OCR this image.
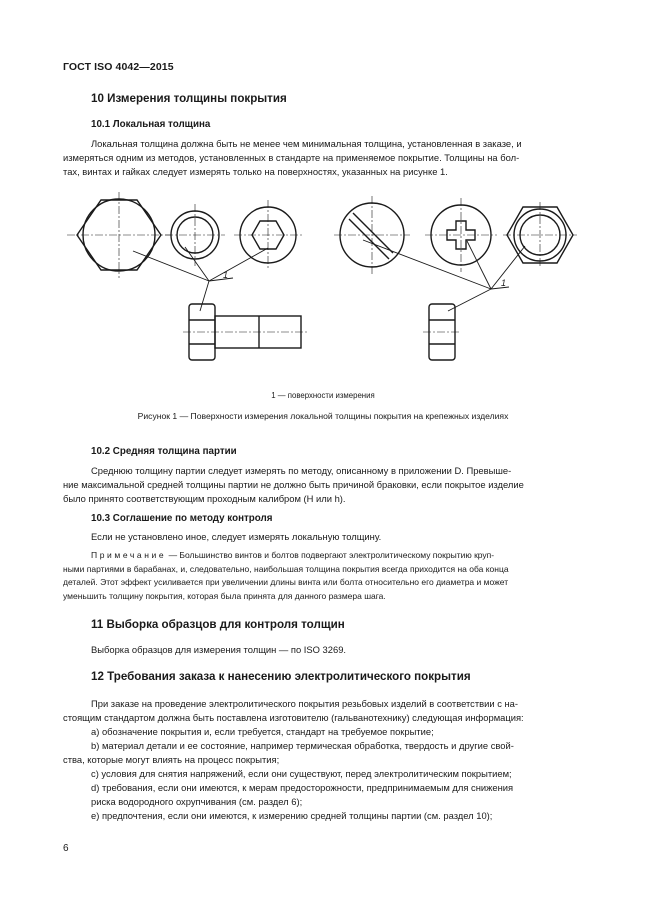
ГОСТ ISO 4042—2015
10 Измерения толщины покрытия
10.1 Локальная толщина
Локальная толщина должна быть не менее чем минимальная толщина, установленная в заказе, и
измеряться одним из методов, установленных в стандарте на применяемое покрытие. Толщины на бол-
тах, винтах и гайках следует измерять только на поверхностях, указанных на рисунке 1.
1
1
1 — поверхности измерения
Рисунок 1 — Поверхности измерения локальной толщины покрытия на крепежных изделиях
10.2 Средняя толщина партии
Среднюю толщину партии следует измерять по методу, описанному в приложении D. Превыше-
ние максимальной средней толщины партии не должно быть причиной браковки, если покрытое изделие
было принято соответствующим проходным калибром (H или h).
10.3 Соглашение по методу контроля
Если не установлено иное, следует измерять локальную толщину.
Примечание — Большинство винтов и болтов подвергают электролитическому покрытию круп-
ными партиями в барабанах, и, следовательно, наибольшая толщина покрытия всегда приходится на оба конца
деталей. Этот эффект усиливается при увеличении длины винта или болта относительно его диаметра и может
уменьшить толщину покрытия, которая была принята для данного размера шага.
11 Выборка образцов для контроля толщин
Выборка образцов для измерения толщин — по ISO 3269.
12 Требования заказа к нанесению электролитического покрытия
При заказе на проведение электролитического покрытия резьбовых изделий в соответствии с на-
стоящим стандартом должна быть поставлена изготовителю (гальванотехнику) следующая информация:
а) обозначение покрытия и, если требуется, стандарт на требуемое покрытие;
b) материал детали и ее состояние, например термическая обработка, твердость и другие свой-
ства, которые могут влиять на процесс покрытия;
с) условия для снятия напряжений, если они существуют, перед электролитическим покрытием;
d) требования, если они имеются, к мерам предосторожности, предпринимаемым для снижения
риска водородного охрупчивания (см. раздел 6);
е) предпочтения, если они имеются, к измерению средней толщины партии (см. раздел 10);
6
